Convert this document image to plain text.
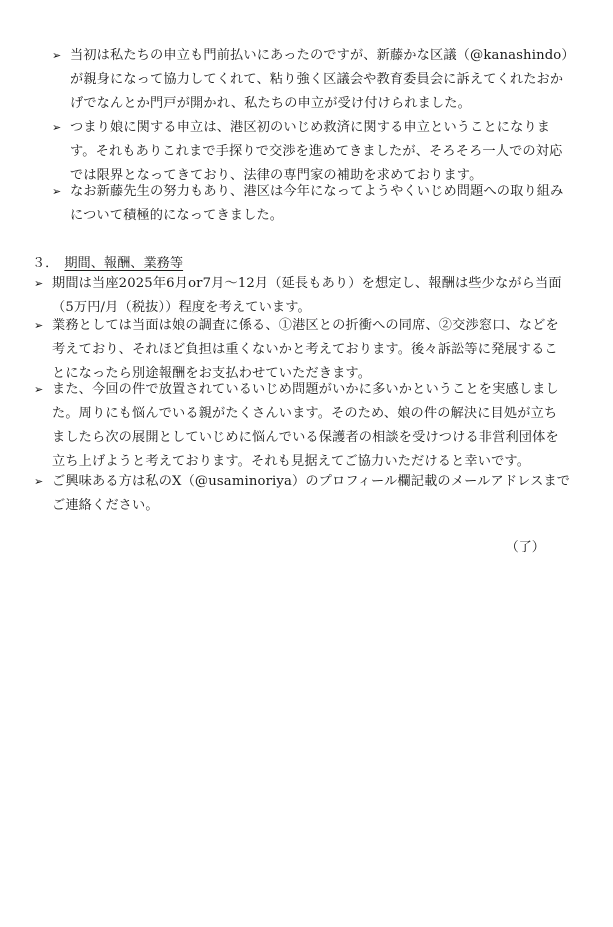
➢ 当初は私たちの申立も門前払いにあったのですが、新藤かな区議（@kanashindo）
が親身になって協力してくれて、粘り強く区議会や教育委員会に訴えてくれたおか
げでなんとか門戸が開かれ、私たちの申立が受け付けられました。
➢ つまり娘に関する申立は、港区初のいじめ救済に関する申立ということになりま
す。それもありこれまで手探りで交渉を進めてきましたが、そろそろ一人での対応
では限界となってきており、法律の専門家の補助を求めております。
➢ なお新藤先生の努力もあり、港区は今年になってようやくいじめ問題への取り組み
について積極的になってきました。
３． 期間、報酬、業務等
➢ 期間は当座2025年6月or7月～12月（延長もあり）を想定し、報酬は些少ながら当面
（5万円/月（税抜））程度を考えています。
➢ 業務としては当面は娘の調査に係る、①港区との折衝への同席、②交渉窓口、などを
考えており、それほど負担は重くないかと考えております。後々訴訟等に発展するこ
とになったら別途報酬をお支払わせていただきます。
➢ また、今回の件で放置されているいじめ問題がいかに多いかということを実感しまし
た。周りにも悩んでいる親がたくさんいます。そのため、娘の件の解決に目処が立ち
ましたら次の展開としていじめに悩んでいる保護者の相談を受けつける非営利団体を
立ち上げようと考えております。それも見据えてご協力いただけると幸いです。
➢ ご興味ある方は私のX（@usaminoriya）のプロフィール欄記載のメールアドレスまで
ご連絡ください。
（了）
